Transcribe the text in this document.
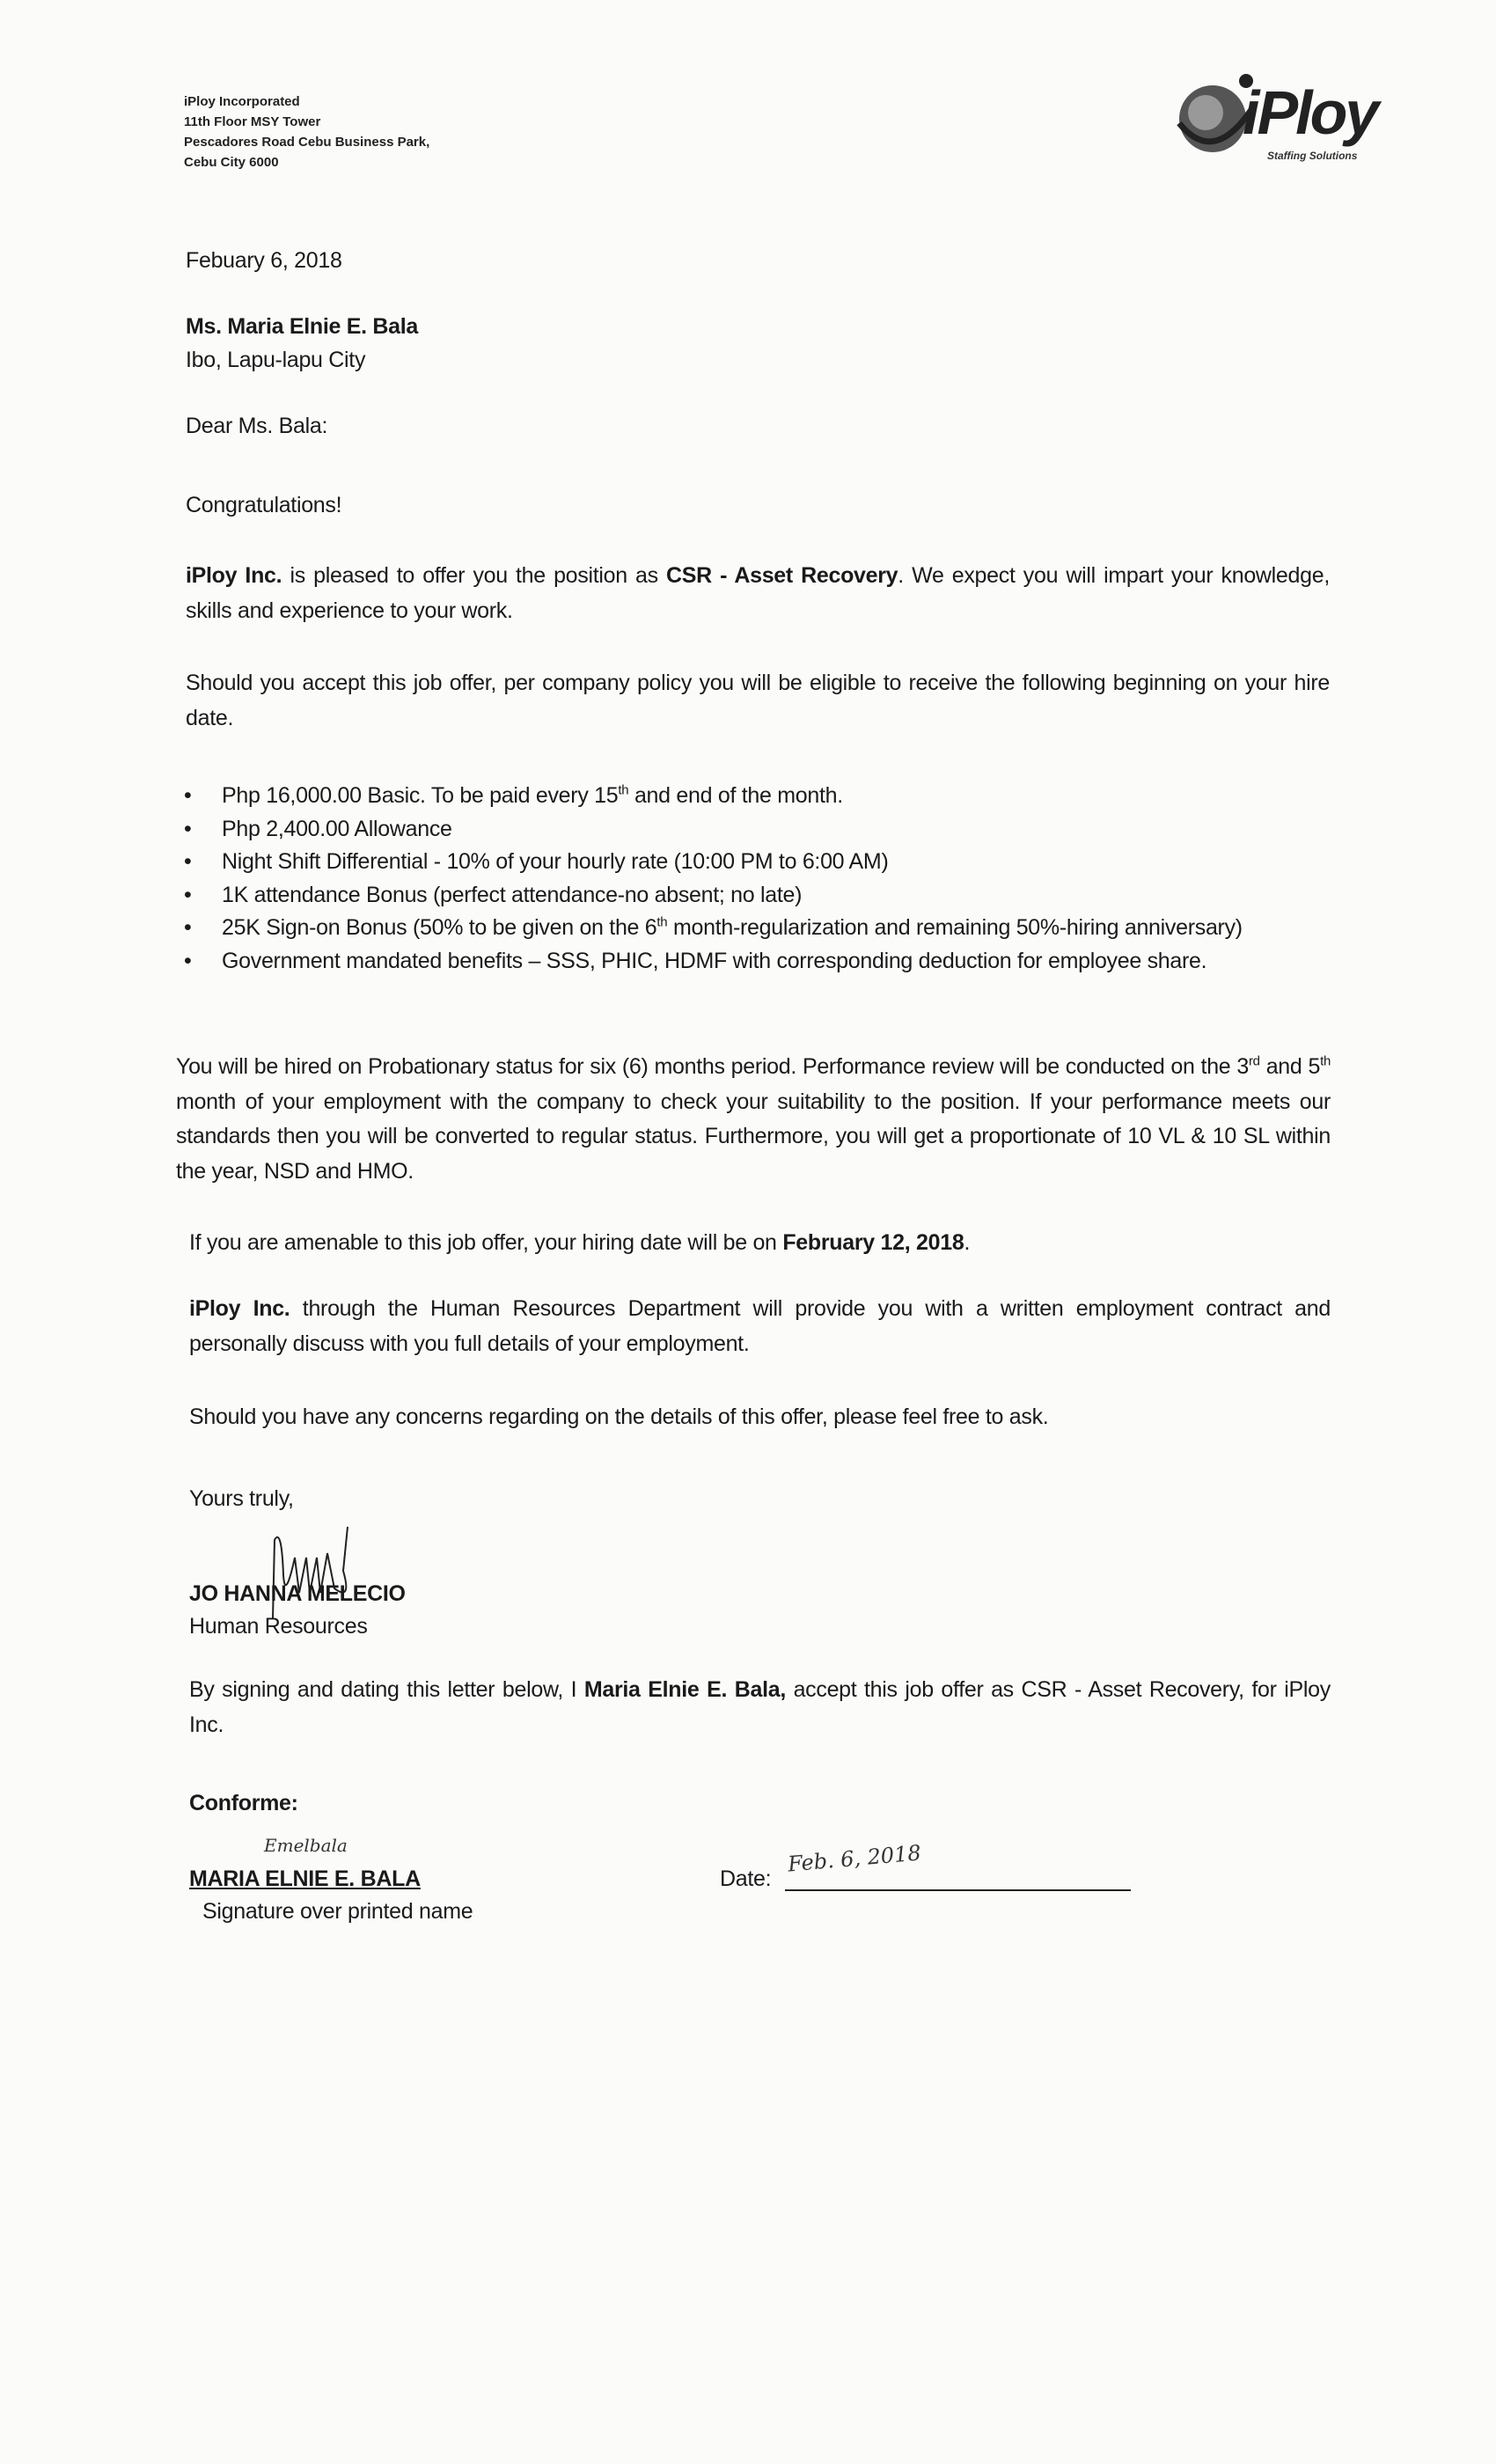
iPloy Incorporated
11th Floor MSY Tower
Pescadores Road Cebu Business Park,
Cebu City 6000
iPloy
Staffing Solutions
Febuary 6, 2018
Ms. Maria Elnie E. Bala
Ibo, Lapu-lapu City
Dear Ms. Bala:
Congratulations!
iPloy Inc. is pleased to offer you the position as CSR - Asset Recovery. We expect you will impart your knowledge, skills and experience to your work.
Should you accept this job offer, per company policy you will be eligible to receive the following beginning on your hire date.
• Php 16,000.00 Basic. To be paid every 15th and end of the month.
• Php 2,400.00 Allowance
• Night Shift Differential - 10% of your hourly rate (10:00 PM to 6:00 AM)
• 1K attendance Bonus (perfect attendance-no absent; no late)
• 25K Sign-on Bonus (50% to be given on the 6th month-regularization and remaining 50%-hiring anniversary)
• Government mandated benefits – SSS, PHIC, HDMF with corresponding deduction for employee share.
You will be hired on Probationary status for six (6) months period. Performance review will be conducted on the 3rd and 5th month of your employment with the company to check your suitability to the position. If your performance meets our standards then you will be converted to regular status. Furthermore, you will get a proportionate of 10 VL & 10 SL within the year, NSD and HMO.
If you are amenable to this job offer, your hiring date will be on February 12, 2018.
iPloy Inc. through the Human Resources Department will provide you with a written employment contract and personally discuss with you full details of your employment.
Should you have any concerns regarding on the details of this offer, please feel free to ask.
Yours truly,
JO HANNA MELECIO
Human Resources
By signing and dating this letter below, I Maria Elnie E. Bala, accept this job offer as CSR - Asset Recovery, for iPloy Inc.
Conforme:
Emelbala
MARIA ELNIE E. BALA
Signature over printed name
Date:
Feb. 6, 2018
